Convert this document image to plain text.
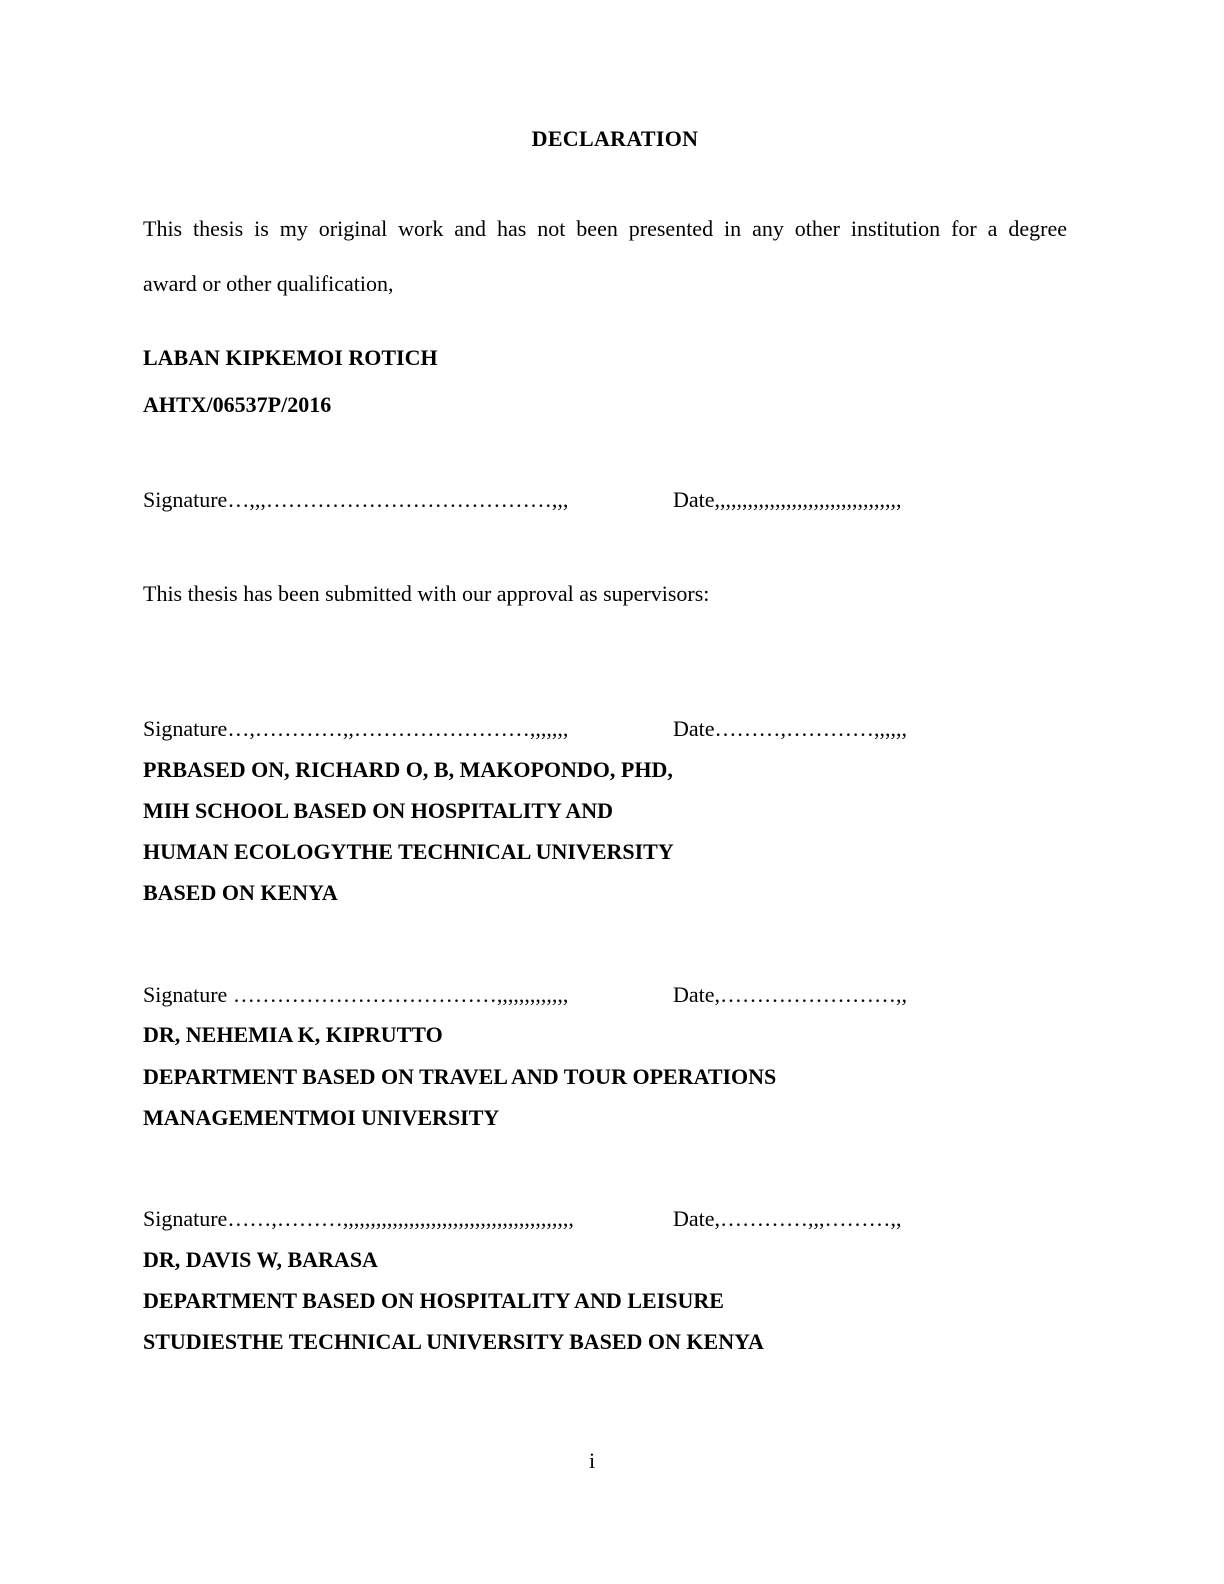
DECLARATION
This thesis is my original work and has not been presented in any other institution for a degree
award or other qualification,
LABAN KIPKEMOI ROTICH
AHTX/06537P/2016
Signature…,,,…………………………………,,,	Date,,,,,,,,,,,,,,,,,,,,,,,,,,,,,,,,,,
This thesis has been submitted with our approval as supervisors:
Signature…,…………,,……………………,,,,,,,	Date………,…………,,,,,,
PRBASED ON, RICHARD O, B, MAKOPONDO, PHD,
MIH SCHOOL BASED ON HOSPITALITY AND
HUMAN ECOLOGYTHE TECHNICAL UNIVERSITY
BASED ON KENYA
Signature ………………………………,,,,,,,,,,,,,	Date,……………………,,
DR, NEHEMIA K, KIPRUTTO
DEPARTMENT BASED ON TRAVEL AND TOUR OPERATIONS
MANAGEMENTMOI UNIVERSITY
Signature……,………,,,,,,,,,,,,,,,,,,,,,,,,,,,,,,,,,,,,,,,,,,	Date,…………,,,………,,
DR, DAVIS W, BARASA
DEPARTMENT BASED ON HOSPITALITY AND LEISURE
STUDIESTHE TECHNICAL UNIVERSITY BASED ON KENYA
i
